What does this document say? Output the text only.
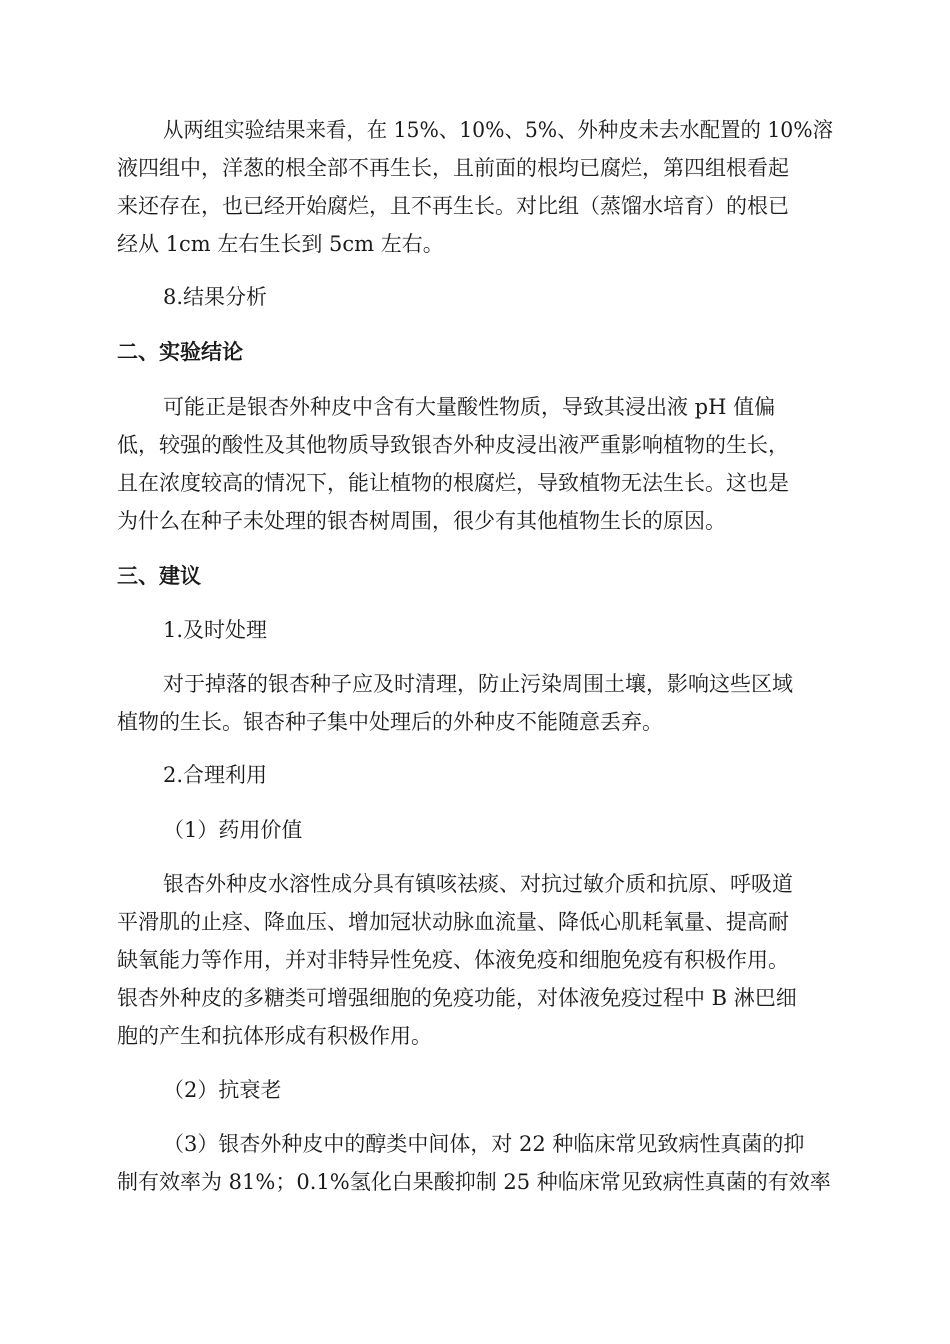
从两组实验结果来看，在 15%、10%、5%、外种皮未去水配置的 10%溶
液四组中，洋葱的根全部不再生长，且前面的根均已腐烂，第四组根看起
来还存在，也已经开始腐烂，且不再生长。对比组（蒸馏水培育）的根已
经从 1cm 左右生长到 5cm 左右。
8.结果分析
二、实验结论
可能正是银杏外种皮中含有大量酸性物质，导致其浸出液 pH 值偏
低，较强的酸性及其他物质导致银杏外种皮浸出液严重影响植物的生长，
且在浓度较高的情况下，能让植物的根腐烂，导致植物无法生长。这也是
为什么在种子未处理的银杏树周围，很少有其他植物生长的原因。
三、建议
1.及时处理
对于掉落的银杏种子应及时清理，防止污染周围土壤，影响这些区域
植物的生长。银杏种子集中处理后的外种皮不能随意丢弃。
2.合理利用
（1）药用价值
银杏外种皮水溶性成分具有镇咳祛痰、对抗过敏介质和抗原、呼吸道
平滑肌的止痉、降血压、增加冠状动脉血流量、降低心肌耗氧量、提高耐
缺氧能力等作用，并对非特异性免疫、体液免疫和细胞免疫有积极作用。
银杏外种皮的多糖类可增强细胞的免疫功能，对体液免疫过程中 B 淋巴细
胞的产生和抗体形成有积极作用。
（2）抗衰老
（3）银杏外种皮中的醇类中间体，对 22 种临床常见致病性真菌的抑
制有效率为 81%；0.1%氢化白果酸抑制 25 种临床常见致病性真菌的有效率
